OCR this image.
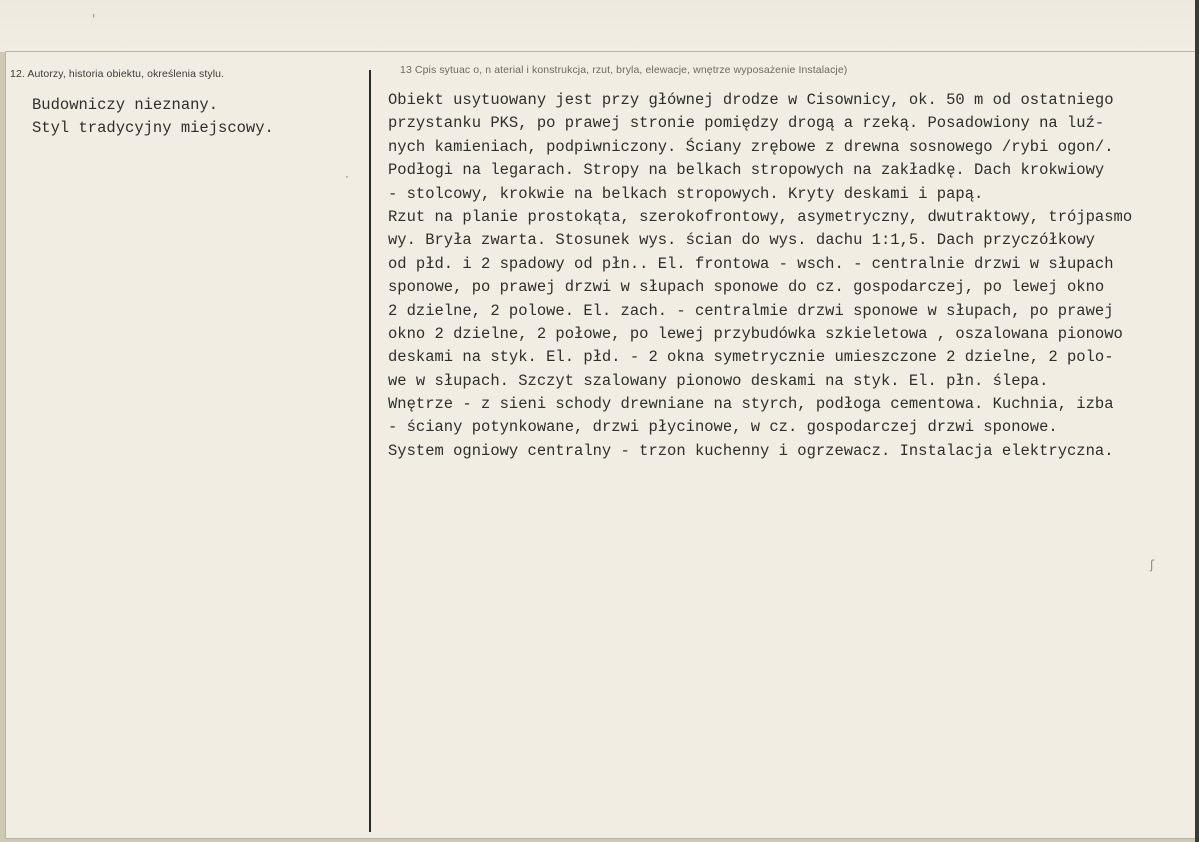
12. Autorzy, historia obiektu, określenia stylu.
Budowniczy nieznany.
Styl tradycyjny miejscowy.
13 Cpis sytuac o, n aterial i konstrukcja, rzut, bryla, elewacje, wnętrze wyposażenie Instalacje)
Obiekt usytuowany jest przy głównej drodze w Cisownicy, ok. 50 m od ostatniego
przystanku PKS, po prawej stronie pomiędzy drogą a rzeką. Posadowiony na luź-
nych kamieniach, podpiwniczony. Ściany zrębowe z drewna sosnowego /rybi ogon/.
Podłogi na legarach. Stropy na belkach stropowych na zakładkę. Dach krokwiowy
- stolcowy, krokwie na belkach stropowych. Kryty deskami i papą.
Rzut na planie prostokąta, szerokofrontowy, asymetryczny, dwutraktowy, trójpasmo
wy. Bryła zwarta. Stosunek wys. ścian do wys. dachu 1:1,5. Dach przyczółkowy
od płd. i 2 spadowy od płn.. El. frontowa - wsch. - centralnie drzwi w słupach
sponowe, po prawej drzwi w słupach sponowe do cz. gospodarczej, po lewej okno
2 dzielne, 2 polowe. El. zach. - centralmie drzwi sponowe w słupach, po prawej
okno 2 dzielne, 2 połowe, po lewej przybudówka szkieletowa , oszalowana pionowo
deskami na styk. El. płd. - 2 okna symetrycznie umieszczone 2 dzielne, 2 polo-
we w słupach. Szczyt szalowany pionowo deskami na styk. El. płn. ślepa.
Wnętrze - z sieni schody drewniane na styrch, podłoga cementowa. Kuchnia, izba
- ściany potynkowane, drzwi płycinowe, w cz. gospodarczej drzwi sponowe.
System ogniowy centralny - trzon kuchenny i ogrzewacz. Instalacja elektryczna.
'
·
ʃ
